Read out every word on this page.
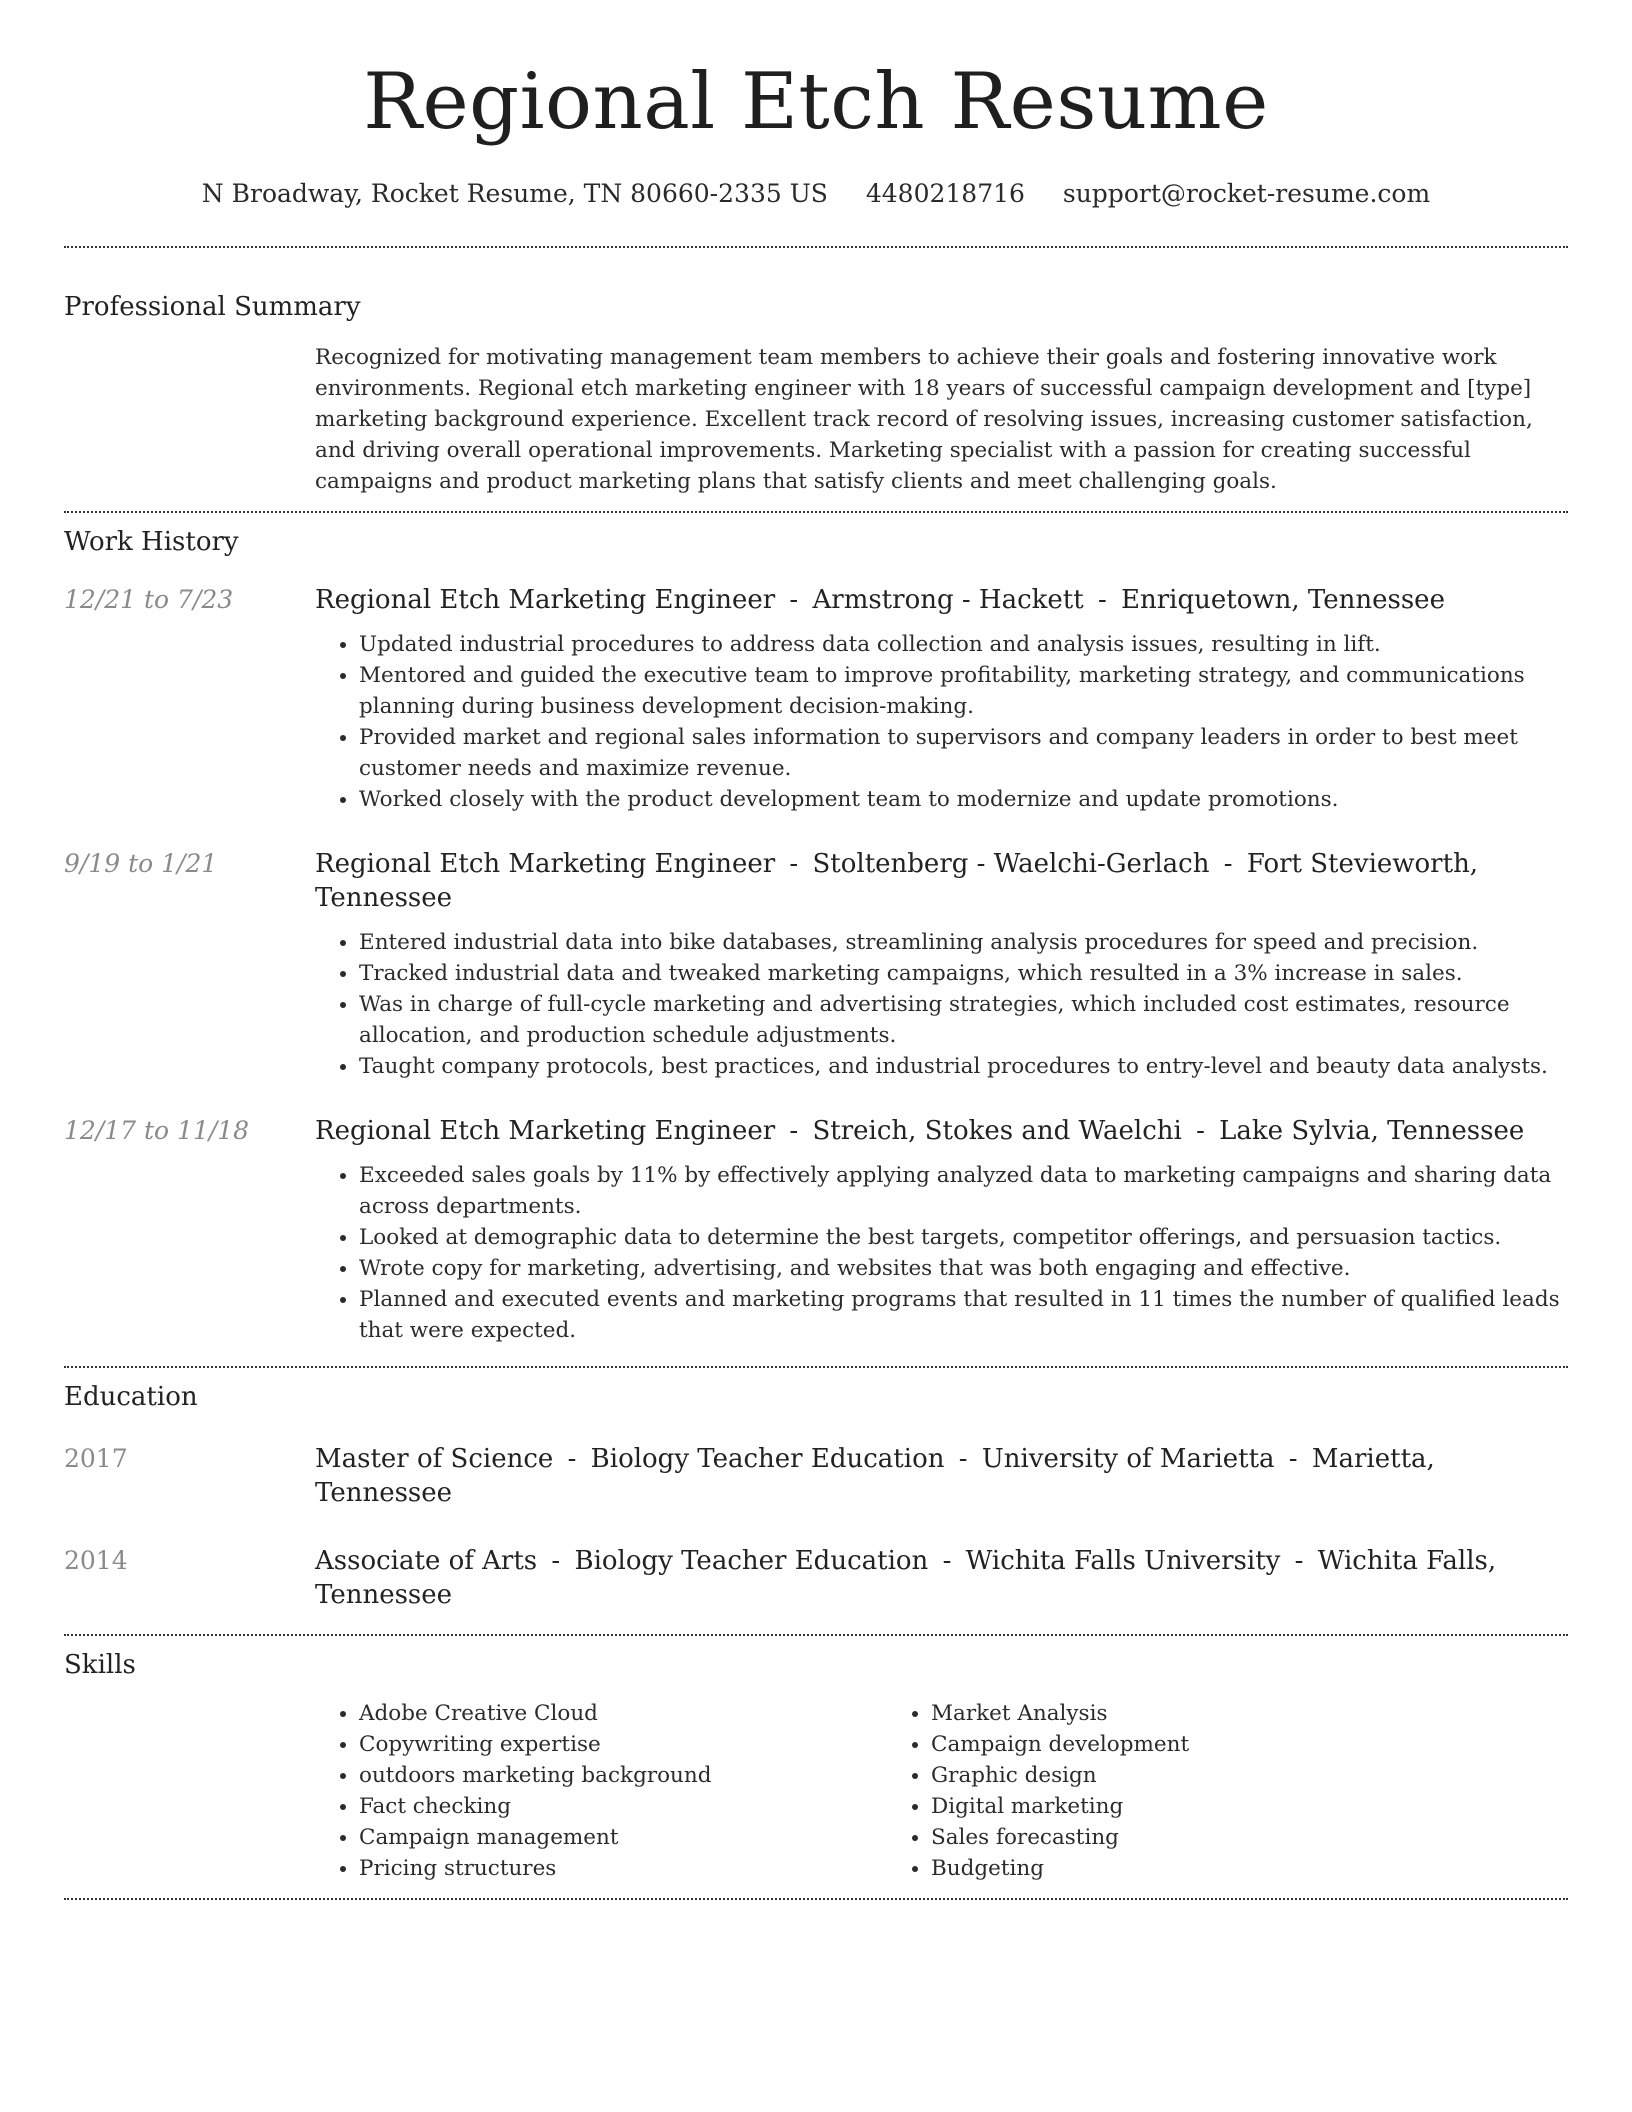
Regional Etch Resume
N Broadway, Rocket Resume, TN 80660-2335 US 4480218716 support@rocket-resume.com
Professional Summary

Recognized for motivating management team members to achieve their goals and fostering innovative work environments. Regional etch marketing engineer with 18 years of successful campaign development and [type] marketing background experience. Excellent track record of resolving issues, increasing customer satisfaction, and driving overall operational improvements. Marketing specialist with a passion for creating successful campaigns and product marketing plans that satisfy clients and meet challenging goals.

Work History
12/21 to 7/23	Regional Etch Marketing Engineer - Armstrong - Hackett - Enriquetown, Tennessee
• Updated industrial procedures to address data collection and analysis issues, resulting in lift.
• Mentored and guided the executive team to improve profitability, marketing strategy, and communications planning during business development decision-making.
• Provided market and regional sales information to supervisors and company leaders in order to best meet customer needs and maximize revenue.
• Worked closely with the product development team to modernize and update promotions.
9/19 to 1/21	Regional Etch Marketing Engineer - Stoltenberg - Waelchi-Gerlach - Fort Stevieworth, Tennessee
• Entered industrial data into bike databases, streamlining analysis procedures for speed and precision.
• Tracked industrial data and tweaked marketing campaigns, which resulted in a 3% increase in sales.
• Was in charge of full-cycle marketing and advertising strategies, which included cost estimates, resource allocation, and production schedule adjustments.
• Taught company protocols, best practices, and industrial procedures to entry-level and beauty data analysts.
12/17 to 11/18	Regional Etch Marketing Engineer - Streich, Stokes and Waelchi - Lake Sylvia, Tennessee
• Exceeded sales goals by 11% by effectively applying analyzed data to marketing campaigns and sharing data across departments.
• Looked at demographic data to determine the best targets, competitor offerings, and persuasion tactics.
• Wrote copy for marketing, advertising, and websites that was both engaging and effective.
• Planned and executed events and marketing programs that resulted in 11 times the number of qualified leads that were expected.
Education
2017	Master of Science - Biology Teacher Education - University of Marietta - Marietta, Tennessee
2014	Associate of Arts - Biology Teacher Education - Wichita Falls University - Wichita Falls, Tennessee
Skills
• Adobe Creative Cloud
• Copywriting expertise
• outdoors marketing background
• Fact checking
• Campaign management
• Pricing structures
• Market Analysis
• Campaign development
• Graphic design
• Digital marketing
• Sales forecasting
• Budgeting
